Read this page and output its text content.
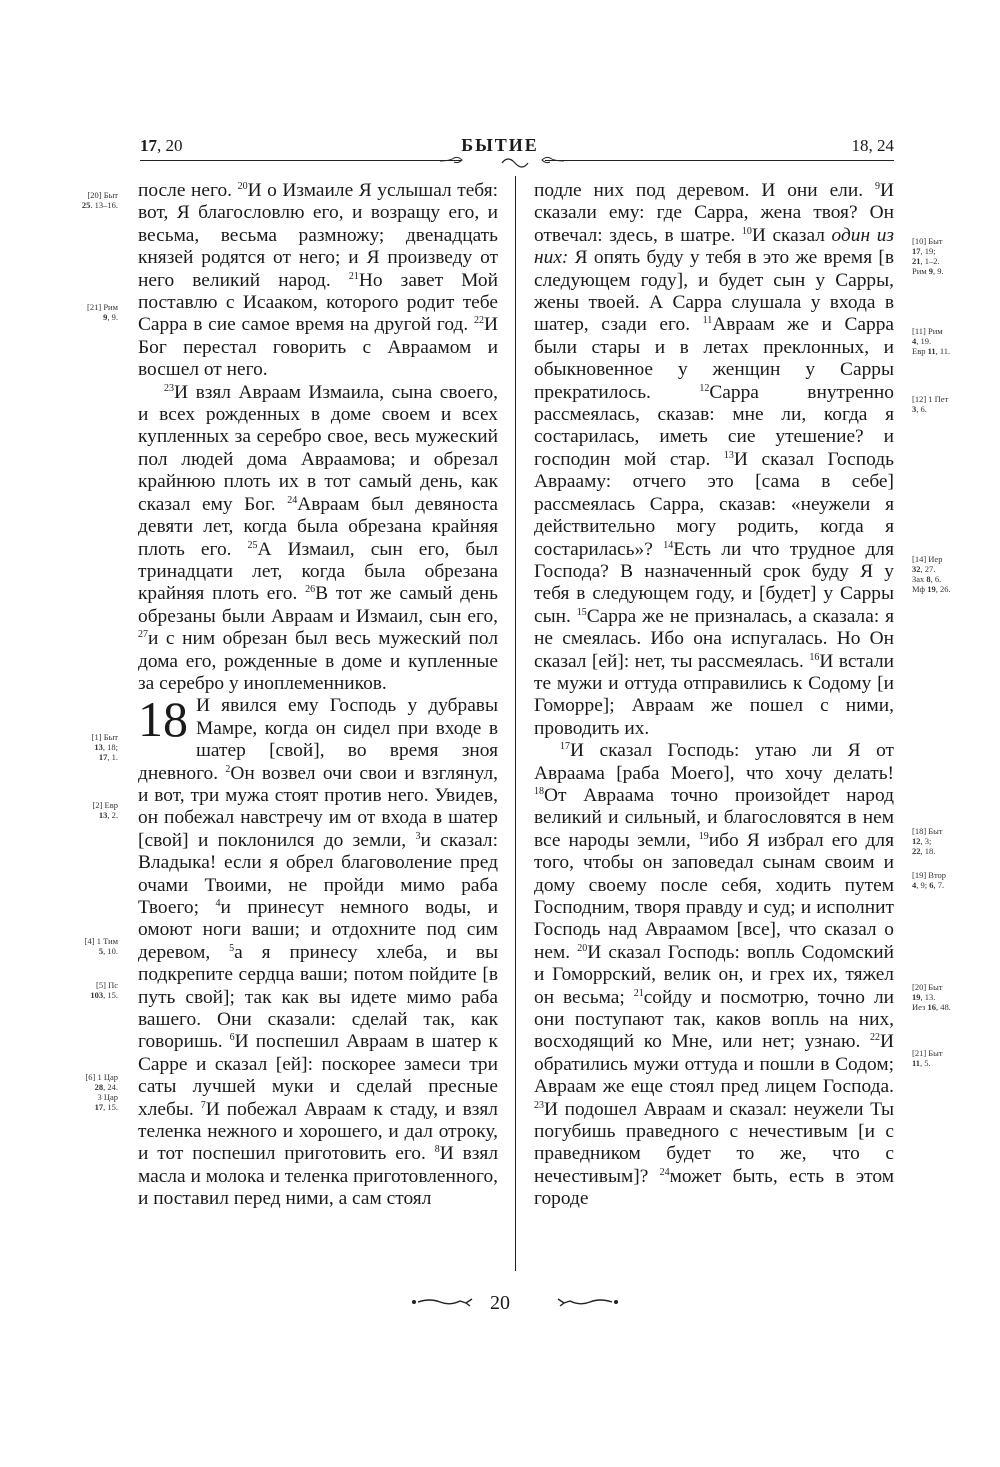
17, 20	БЫТИЕ	18, 24
[20] Быт
25. 13–16.
[21] Рим
9, 9.
[1] Быт
13, 18;
17, 1.
[2] Евр
13, 2.
[4] 1 Тим
5, 10.
[5] Пс
103, 15.
[6] 1 Цар
28, 24.
3 Цар
17, 15.
[10] Быт
17, 19;
21, 1–2.
Рим 9, 9.
[11] Рим
4, 19.
Евр 11, 11.
[12] 1 Пет
3, 6.
[14] Иер
32, 27.
Зах 8, 6.
Мф 19, 26.
[18] Быт
12, 3;
22, 18.
[19] Втор
4, 9; 6, 7.
[20] Быт
19, 13.
Иез 16, 48.
[21] Быт
11, 5.

после него. $^{20}$И о Измаиле Я услышал тебя: вот, Я благословлю его, и возращу его, и весьма, весьма размножу; двенадцать князей родятся от него; и Я произведу от него великий народ. $^{21}$Но завет Мой поставлю с Исааком, которого родит тебе Сарра в сие самое время на другой год. $^{22}$И Бог перестал говорить с Авраамом и восшел от него.

$^{23}$И взял Авраам Измаила, сына своего, и всех рожденных в доме своем и всех купленных за серебро свое, весь мужеский пол людей дома Авраамова; и обрезал крайнюю плоть их в тот самый день, как сказал ему Бог. $^{24}$Авраам был девяноста девяти лет, когда была обрезана крайняя плоть его. $^{25}$А Измаил, сын его, был тринадцати лет, когда была обрезана крайняя плоть его. $^{26}$В тот же самый день обрезаны были Авраам и Измаил, сын его, $^{27}$и с ним обрезан был весь мужеский пол дома его, рожденные в доме и купленные за серебро у иноплеменников.

18 И явился ему Господь у дубравы Мамре, когда он сидел при входе в шатер [свой], во время зноя дневного. $^2$Он возвел очи свои и взглянул, и вот, три мужа стоят против него. Увидев, он побежал навстречу им от входа в шатер [свой] и поклонился до земли, $^3$и сказал: Владыка! если я обрел благоволение пред очами Твоими, не пройди мимо раба Твоего; $^4$и принесут немного воды, и омоют ноги ваши; и отдохните под сим деревом, $^5$а я принесу хлеба, и вы подкрепите сердца ваши; потом пойдите [в путь свой]; так как вы идете мимо раба вашего. Они сказали: сделай так, как говоришь. $^6$И поспешил Авраам в шатер к Сарре и сказал [ей]: поскорее замеси три саты лучшей муки и сделай пресные хлебы. $^7$И побежал Авраам к стаду, и взял теленка нежного и хорошего, и дал отроку, и тот поспешил приготовить его. $^8$И взял масла и молока и теленка приготовленного, и поставил перед ними, а сам стоял

подле них под деревом. И они ели. $^9$И сказали ему: где Сарра, жена твоя? Он отвечал: здесь, в шатре. $^{10}$И сказал один из них: Я опять буду у тебя в это же время [в следующем году], и будет сын у Сарры, жены твоей. А Сарра слушала у входа в шатер, сзади его. $^{11}$Авраам же и Сарра были стары и в летах преклонных, и обыкновенное у женщин у Сарры прекратилось. $^{12}$Сарра внутренно рассмеялась, сказав: мне ли, когда я состарилась, иметь сие утешение? и господин мой стар. $^{13}$И сказал Господь Аврааму: отчего это [сама в себе] рассмеялась Сарра, сказав: «неужели я действительно могу родить, когда я состарилась»? $^{14}$Есть ли что трудное для Господа? В назначенный срок буду Я у тебя в следующем году, и [будет] у Сарры сын. $^{15}$Сарра же не призналась, а сказала: я не смеялась. Ибо она испугалась. Но Он сказал [ей]: нет, ты рассмеялась. $^{16}$И встали те мужи и оттуда отправились к Содому [и Гоморре]; Авраам же пошел с ними, проводить их.

$^{17}$И сказал Господь: утаю ли Я от Авраама [раба Моего], что хочу делать! $^{18}$От Авраама точно произойдет народ великий и сильный, и благословятся в нем все народы земли, $^{19}$ибо Я избрал его для того, чтобы он заповедал сынам своим и дому своему после себя, ходить путем Господним, творя правду и суд; и исполнит Господь над Авраамом [все], что сказал о нем. $^{20}$И сказал Господь: вопль Содомский и Гоморрский, велик он, и грех их, тяжел он весьма; $^{21}$сойду и посмотрю, точно ли они поступают так, каков вопль на них, восходящий ко Мне, или нет; узнаю. $^{22}$И обратились мужи оттуда и пошли в Содом; Авраам же еще стоял пред лицем Господа. $^{23}$И подошел Авраам и сказал: неужели Ты погубишь праведного с нечестивым [и с праведником будет то же, что с нечестивым]? $^{24}$может быть, есть в этом городе

20
